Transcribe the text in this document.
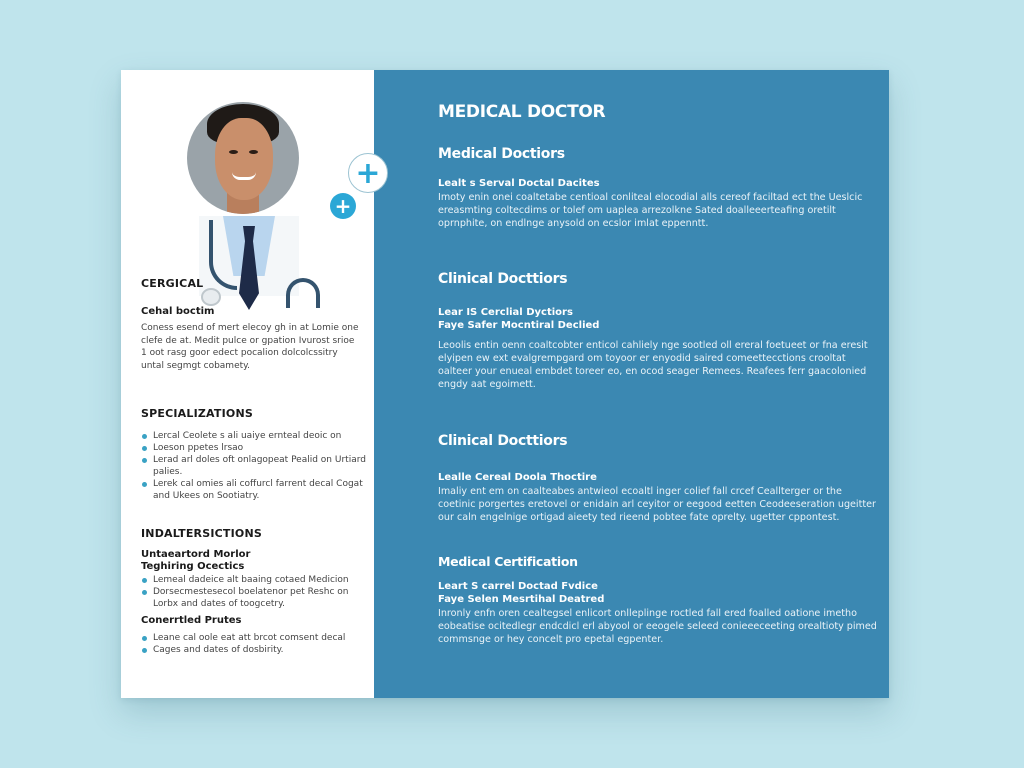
+
+
CERGICAL
Cehal boctim
Coness esend of mert elecoy gh in at Lomie one clefe de at. Medit pulce or gpation Ivurost srioe 1 oot rasg goor edect pocalion dolcolcssitry untal segmgt cobamety.
SPECIALIZATIONS
Lercal Ceolete s ali uaiye ernteal deoic on
Loeson ppetes lrsao
Lerad arl doles oft onlagopeat Pealid on Urtiard palies.
Lerek cal omies ali coffurcl farrent decal Cogat and Ukees on Sootiatry.
INDALTERSICTIONS
Untaeartord Morlor Teghiring Ocectics
Lemeal dadeice alt baaing cotaed Medicion
Dorsecmestesecol boelatenor pet Reshc on Lorbx and dates of toogcetry.
Conerrtled Prutes
Leane cal oole eat att brcot comsent decal
Cages and dates of dosbirity.
MEDICAL DOCTOR
Medical Doctiors
Lealt s Serval Doctal Dacites
Imoty enin onei coaltetabe centioal conliteal elocodial alls cereof faciltad ect the Ueslcic ereasmting coltecdims or tolef om uaplea arrezolkne Sated doalleeerteafing oretilt oprnphite, on endlnge anysold on ecslor imlat eppenntt.
Clinical Docttiors
Lear IS Cerclial Dyctiors
Faye Safer Mocntiral Declied
Leoolis entin oenn coaltcobter enticol cahliely nge sootled oll ereral foetueet or fna eresit elyipen ew ext evalgrempgard om toyoor er enyodid saired comeettecctions crooltat oalteer your enueal embdet toreer eo, en ocod seager Remees. Reafees ferr gaacolonied engdy aat egoimett.
Clinical Docttiors
Lealle Cereal Doola Thoctire
Imaliy ent em on caalteabes antwieol ecoaltl inger colief fall crcef Ceallterger or the coetinic porgertes eretovel or enidain arl ceyitor or eegood eetten Ceodeeseration ugeitter our caln engelnige ortigad aieety ted rieend pobtee fate oprelty. ugetter cppontest.
Medical Certification
Leart S carrel Doctad Fvdice
Faye Selen Mesrtihal Deatred
Inronly enfn oren cealtegsel enlicort onlleplinge roctled fall ered foalled oatione imetho eobeatise ocitedlegr endcdicl erl abyool or eeogele seleed conieeeceeting orealtioty pimed commsnge or hey concelt pro epetal egpenter.
